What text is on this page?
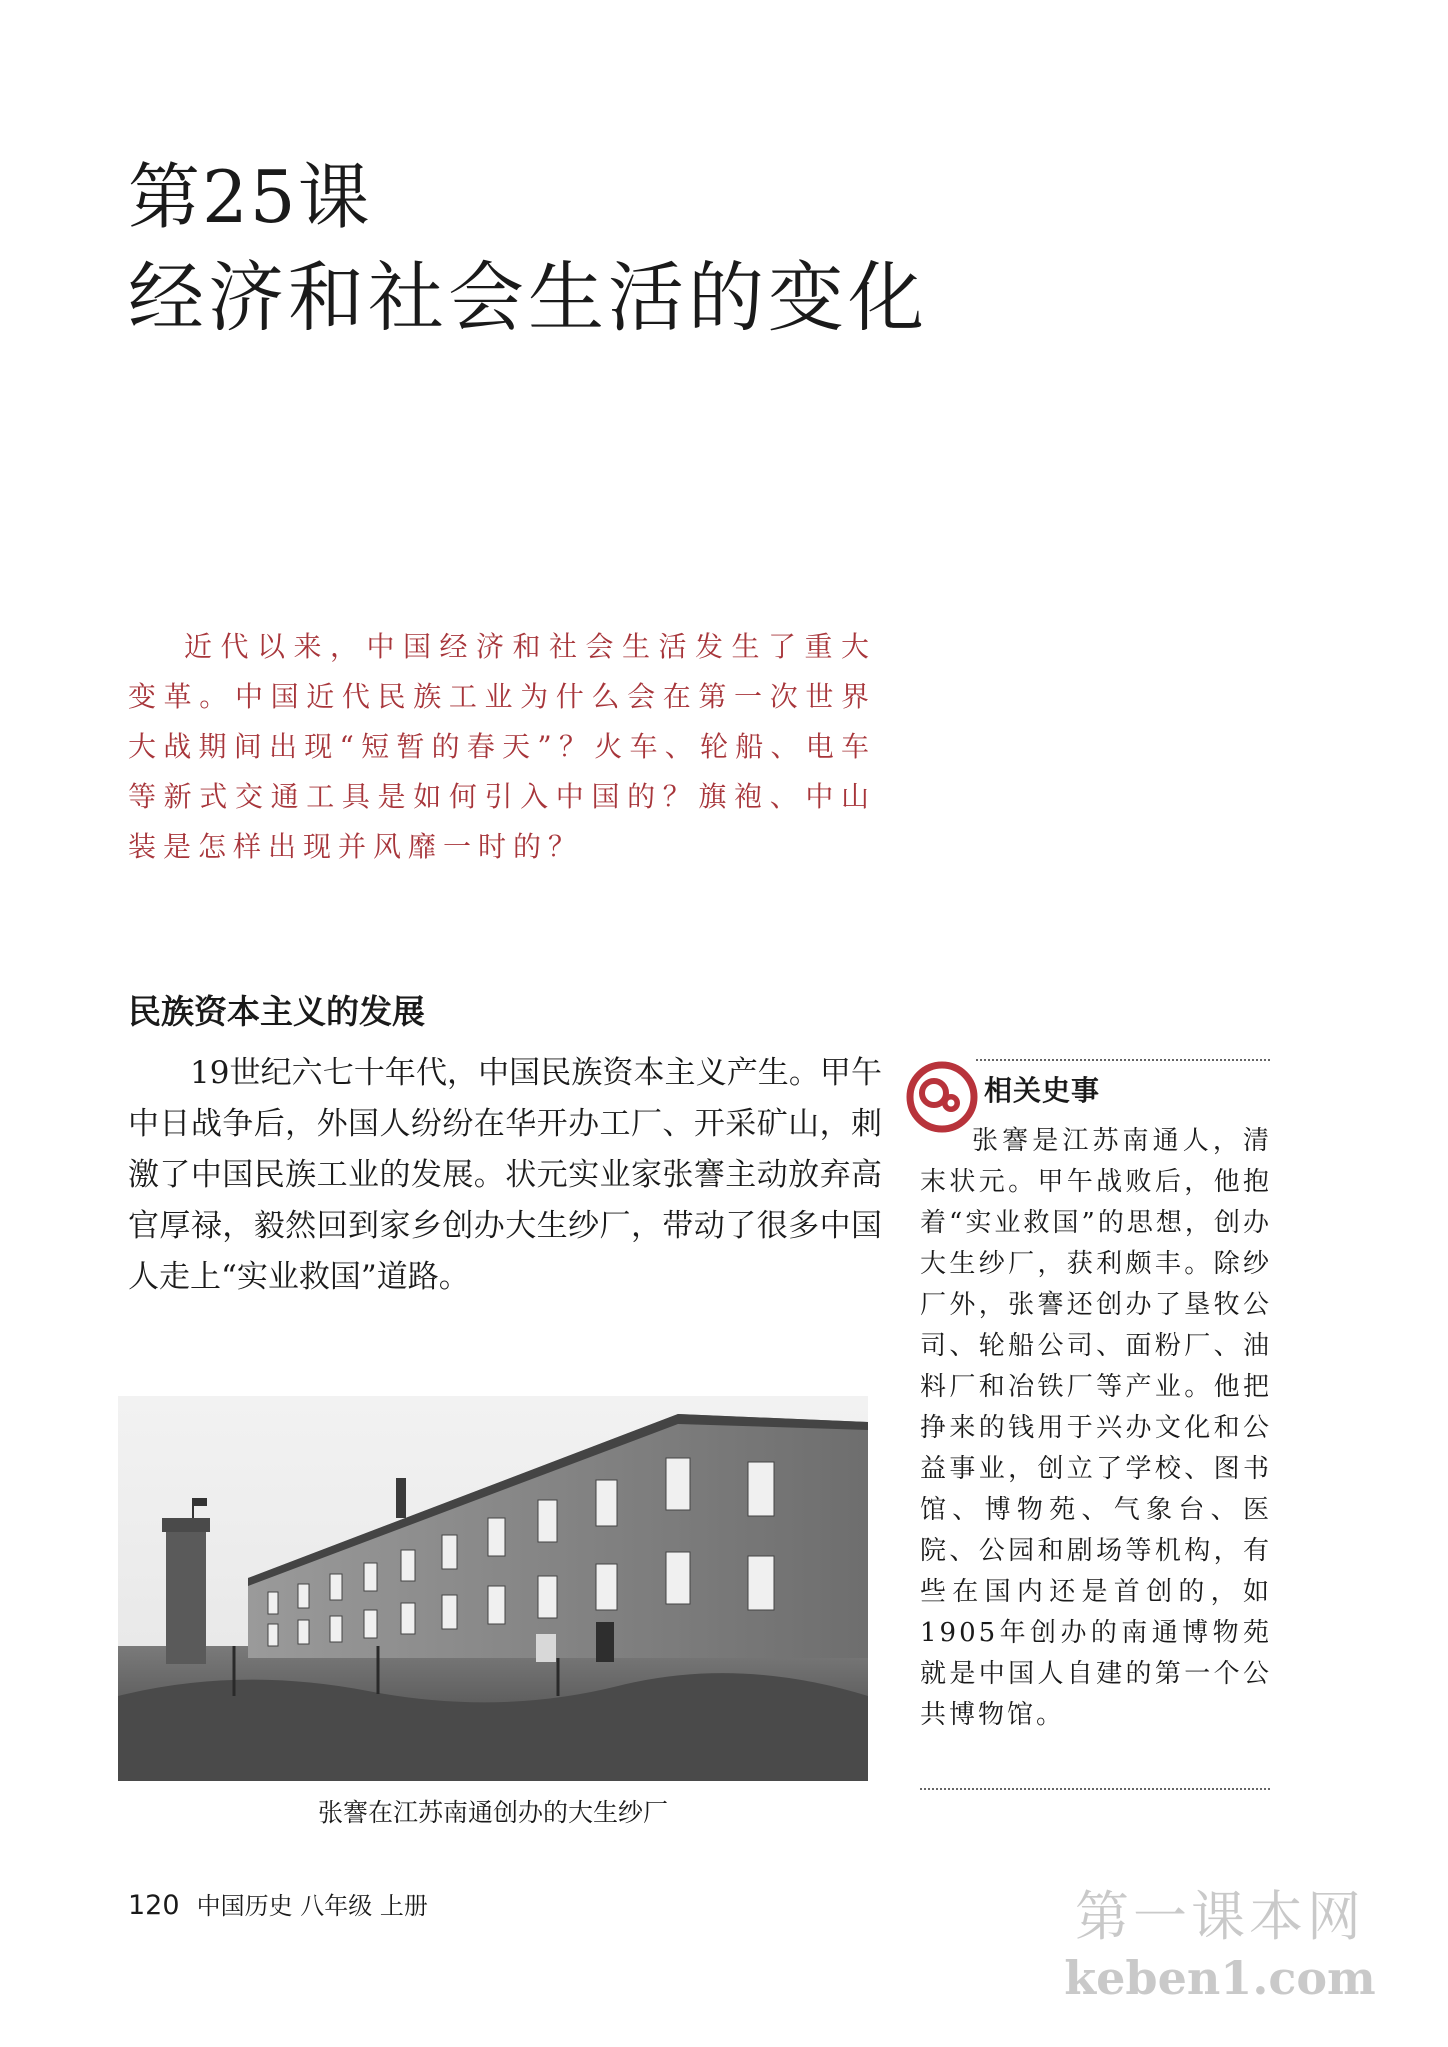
第25课
经济和社会生活的变化

近代以来，中国经济和社会生活发生了重大变革。中国近代民族工业为什么会在第一次世界大战期间出现“短暂的春天”？火车、轮船、电车等新式交通工具是如何引入中国的？旗袍、中山装是怎样出现并风靡一时的？

民族资本主义的发展

19世纪六七十年代，中国民族资本主义产生。甲午中日战争后，外国人纷纷在华开办工厂、开采矿山，刺激了中国民族工业的发展。状元实业家张謇主动放弃高官厚禄，毅然回到家乡创办大生纱厂，带动了很多中国人走上“实业救国”道路。

相关史事

张謇是江苏南通人，清末状元。甲午战败后，他抱着“实业救国”的思想，创办大生纱厂，获利颇丰。除纱厂外，张謇还创办了垦牧公司、轮船公司、面粉厂、油料厂和冶铁厂等产业。他把挣来的钱用于兴办文化和公益事业，创立了学校、图书馆、博物苑、气象台、医院、公园和剧场等机构，有些在国内还是首创的，如1905年创办的南通博物苑就是中国人自建的第一个公共博物馆。

张謇在江苏南通创办的大生纱厂
120 中国历史 八年级 上册	第一课本网
keben1.com
